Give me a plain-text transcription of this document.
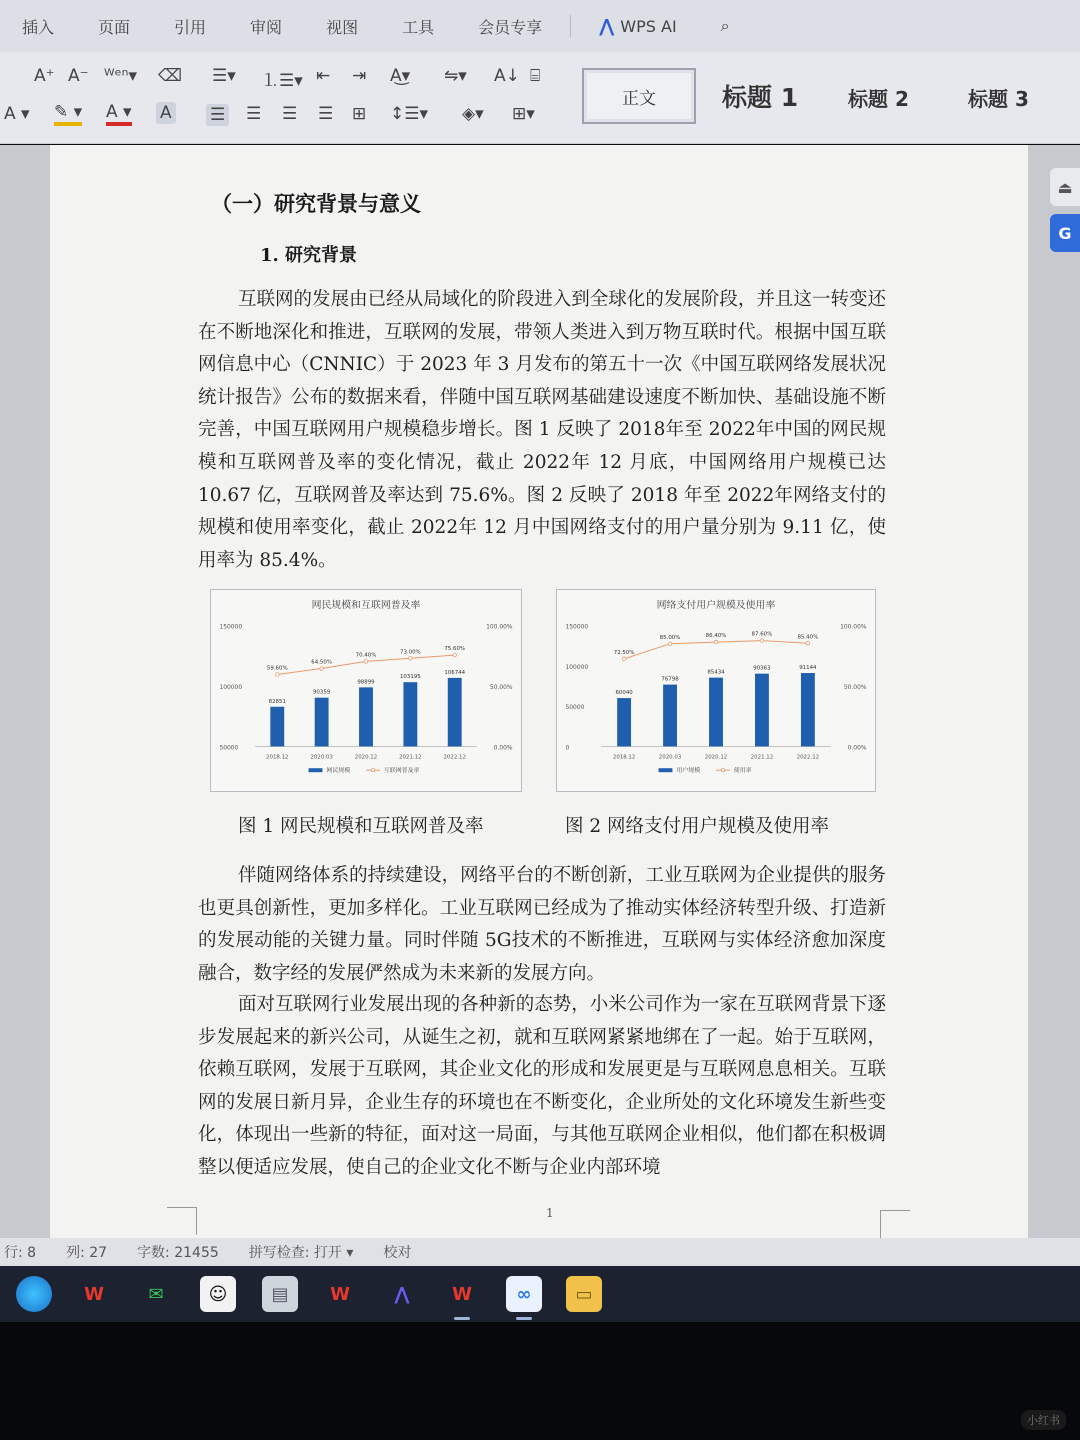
插入	页面	引用	审阅	视图	工具	会员专享	⋀ WPS AI	⌕
A⁺ A⁻ ᵂᵉⁿ▾ ⌫
A ▾ ✎ ▾ A ▾ A
☰▾ ⒈☰▾ ⇤ ⇥ A͜▾ ⇋▾ A↓ ⌸
☰ ☰ ☰ ☰ ⊞ ↕☰▾ ◈▾ ⊞▾
正文	标题 1 标题 2	标题 3
⏏
G
（一）研究背景与意义
1. 研究背景
互联网的发展由已经从局域化的阶段进入到全球化的发展阶段，并且这一转变还在不断地深化和推进，互联网的发展，带领人类进入到万物互联时代。根据中国互联网信息中心（CNNIC）于 2023 年 3 月发布的第五十一次《中国互联网络发展状况统计报告》公布的数据来看，伴随中国互联网基础建设速度不断加快、基础设施不断完善，中国互联网用户规模稳步增长。图 1 反映了 2018年至 2022年中国的网民规模和互联网普及率的变化情况，截止 2022年 12 月底，中国网络用户规模已达 10.67 亿，互联网普及率达到 75.6%。图 2 反映了 2018 年至 2022年网络支付的规模和使用率变化，截止 2022年 12 月中国网络支付的用户量分别为 9.11 亿，使用率为 85.4%。
网民规模和互联网普及率
150000
100000
50000
100.00%
50.00%
0.00%
82851
2018.12
90359
2020.03
98899
2020.12
103195
2021.12
106744
2022.12
59.60%
64.50%
70.40%
73.00%
75.60%
网民规模	互联网普及率
网络支付用户规模及使用率
150000
100000
50000
0
100.00%
50.00%
0.00%
60040
2018.12
76798
2020.03
85434
2020.12
90363
2021.12
91144
2022.12
72.50%
85.00%	86.40%	87.60%	85.40%
用户规模	使用率
图 1 网民规模和互联网普及率	图 2 网络支付用户规模及使用率
伴随网络体系的持续建设，网络平台的不断创新，工业互联网为企业提供的服务也更具创新性，更加多样化。工业互联网已经成为了推动实体经济转型升级、打造新的发展动能的关键力量。同时伴随 5G技术的不断推进，互联网与实体经济愈加深度融合，数字经的发展俨然成为未来新的发展方向。
面对互联网行业发展出现的各种新的态势，小米公司作为一家在互联网背景下逐步发展起来的新兴公司，从诞生之初，就和互联网紧紧地绑在了一起。始于互联网，依赖互联网，发展于互联网，其企业文化的形成和发展更是与互联网息息相关。互联网的发展日新月异，企业生存的环境也在不断变化，企业所处的文化环境发生新些变化，体现出一些新的特征，面对这一局面，与其他互联网企业相似，他们都在积极调整以便适应发展，使自己的企业文化不断与企业内部环境
1
行: 8 列: 27 字数: 21455 拼写检查: 打开 ▾ 校对
W	✉	☺	▤	W	⋀	W	∞	▭
小红书
